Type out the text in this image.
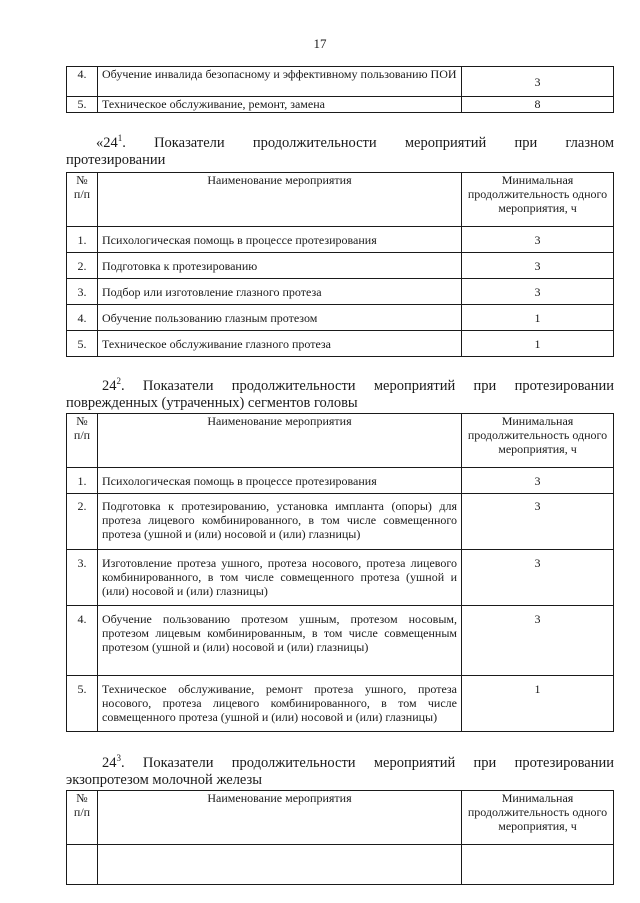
17
4.	Обучение инвалида безопасному и эффективному пользованию ПОИ	3
5.	Техническое обслуживание, ремонт, замена	8
«$24^1$. Показатели продолжительности мероприятий при глазном
протезировании
№ п/п	Наименование мероприятия	Минимальная продолжительность одного мероприятия, ч
1.	Психологическая помощь в процессе протезирования	3
2.	Подготовка к протезированию	3
3.	Подбор или изготовление глазного протеза	3
4.	Обучение пользованию глазным протезом	1
5.	Техническое обслуживание глазного протеза	1
$24^2$. Показатели продолжительности мероприятий при протезировании
поврежденных (утраченных) сегментов головы
№ п/п	Наименование мероприятия	Минимальная продолжительность одного мероприятия, ч
1.	Психологическая помощь в процессе протезирования	3
2.	Подготовка к протезированию, установка импланта (опоры) для протеза лицевого комбинированного, в том числе совмещенного протеза (ушной и (или) носовой и (или) глазницы)	3
3.	Изготовление протеза ушного, протеза носового, протеза лицевого комбинированного, в том числе совмещенного протеза (ушной и (или) носовой и (или) глазницы)	3
4.	Обучение пользованию протезом ушным, протезом носовым, протезом лицевым комбинированным, в том числе совмещенным протезом (ушной и (или) носовой и (или) глазницы)	3
5.	Техническое обслуживание, ремонт протеза ушного, протеза носового, протеза лицевого комбинированного, в том числе совмещенного протеза (ушной и (или) носовой и (или) глазницы)	1
$24^3$. Показатели продолжительности мероприятий при протезировании
экзопротезом молочной железы
№ п/п	Наименование мероприятия	Минимальная продолжительность одного мероприятия, ч
